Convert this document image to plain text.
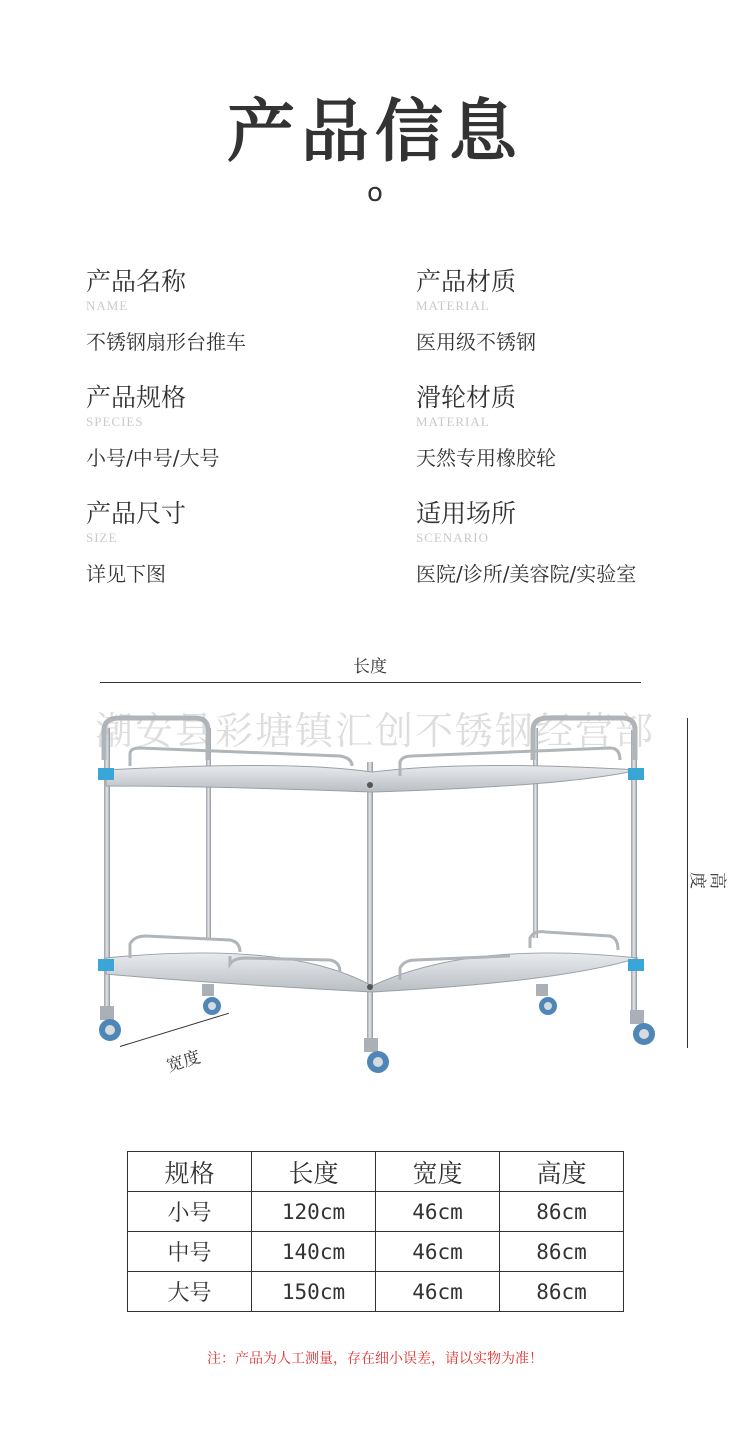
产品信息
o
产品名称
NAME
不锈钢扇形台推车
产品材质
MATERIAL
医用级不锈钢
产品规格
SPECIES
小号/中号/大号
滑轮材质
MATERIAL
天然专用橡胶轮
产品尺寸
SIZE
详见下图
适用场所
SCENARIO
医院/诊所/美容院/实验室
长度
高度
宽度
潮安县彩塘镇汇创不锈钢经营部
规格	长度	宽度	高度
小号	120cm	46cm	86cm
中号	140cm	46cm	86cm
大号	150cm	46cm	86cm
注：产品为人工测量，存在细小误差，请以实物为准！
